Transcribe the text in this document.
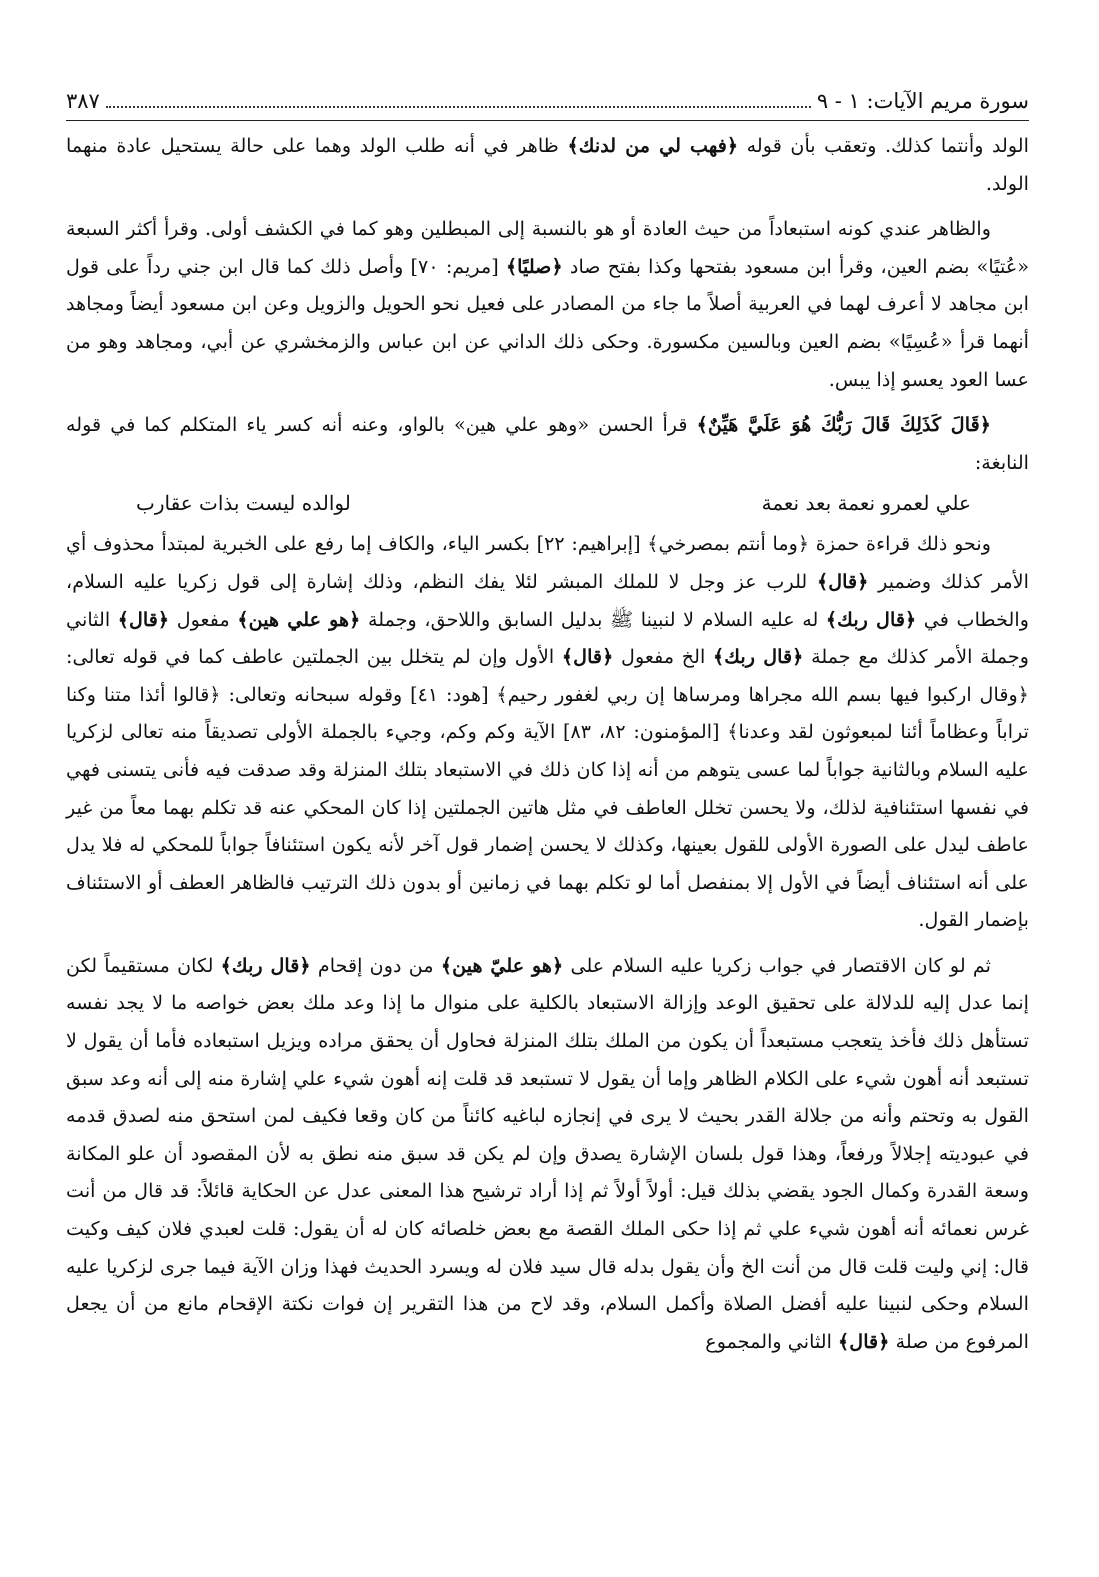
سورة مريم الآيات: ١ - ٩
٣٨٧

الولد وأنتما كذلك. وتعقب بأن قوله ﴿فهب لي من لدنك﴾ ظاهر في أنه طلب الولد وهما على حالة يستحيل عادة منهما الولد.

والظاهر عندي كونه استبعاداً من حيث العادة أو هو بالنسبة إلى المبطلين وهو كما في الكشف أولى. وقرأ أكثر السبعة «عُتيًا» بضم العين، وقرأ ابن مسعود بفتحها وكذا بفتح صاد ﴿صليًا﴾ [مريم: ٧٠] وأصل ذلك كما قال ابن جني رداً على قول ابن مجاهد لا أعرف لهما في العربية أصلاً ما جاء من المصادر على فعيل نحو الحويل والزويل وعن ابن مسعود أيضاً ومجاهد أنهما قرأ «عُسِيًا» بضم العين وبالسين مكسورة. وحكى ذلك الداني عن ابن عباس والزمخشري عن أبي، ومجاهد وهو من عسا العود يعسو إذا يبس.

﴿قَالَ كَذَلِكَ قَالَ رَبُّكَ هُوَ عَلَيَّ هَيِّنٌ﴾ قرأ الحسن «وهو علي هين» بالواو، وعنه أنه كسر ياء المتكلم كما في قوله النابغة:

علي لعمرو نعمة بعد نعمة
لوالده ليست بذات عقارب

ونحو ذلك قراءة حمزة ﴿وما أنتم بمصرخي﴾ [إبراهيم: ٢٢] بكسر الياء، والكاف إما رفع على الخبرية لمبتدأ محذوف أي الأمر كذلك وضمير ﴿قال﴾ للرب عز وجل لا للملك المبشر لئلا يفك النظم، وذلك إشارة إلى قول زكريا عليه السلام، والخطاب في ﴿قال ربك﴾ له عليه السلام لا لنبينا ﷺ بدليل السابق واللاحق، وجملة ﴿هو علي هين﴾ مفعول ﴿قال﴾ الثاني وجملة الأمر كذلك مع جملة ﴿قال ربك﴾ الخ مفعول ﴿قال﴾ الأول وإن لم يتخلل بين الجملتين عاطف كما في قوله تعالى: ﴿وقال اركبوا فيها بسم الله مجراها ومرساها إن ربي لغفور رحيم﴾ [هود: ٤١] وقوله سبحانه وتعالى: ﴿قالوا أئذا متنا وكنا تراباً وعظاماً أئنا لمبعوثون لقد وعدنا﴾ [المؤمنون: ٨٢، ٨٣] الآية وكم وكم، وجيء بالجملة الأولى تصديقاً منه تعالى لزكريا عليه السلام وبالثانية جواباً لما عسى يتوهم من أنه إذا كان ذلك في الاستبعاد بتلك المنزلة وقد صدقت فيه فأنى يتسنى فهي في نفسها استئنافية لذلك، ولا يحسن تخلل العاطف في مثل هاتين الجملتين إذا كان المحكي عنه قد تكلم بهما معاً من غير عاطف ليدل على الصورة الأولى للقول بعينها، وكذلك لا يحسن إضمار قول آخر لأنه يكون استئنافاً جواباً للمحكي له فلا يدل على أنه استئناف أيضاً في الأول إلا بمنفصل أما لو تكلم بهما في زمانين أو بدون ذلك الترتيب فالظاهر العطف أو الاستئناف بإضمار القول.

ثم لو كان الاقتصار في جواب زكريا عليه السلام على ﴿هو عليّ هين﴾ من دون إقحام ﴿قال ربك﴾ لكان مستقيماً لكن إنما عدل إليه للدلالة على تحقيق الوعد وإزالة الاستبعاد بالكلية على منوال ما إذا وعد ملك بعض خواصه ما لا يجد نفسه تستأهل ذلك فأخذ يتعجب مستبعداً أن يكون من الملك بتلك المنزلة فحاول أن يحقق مراده ويزيل استبعاده فأما أن يقول لا تستبعد أنه أهون شيء على الكلام الظاهر وإما أن يقول لا تستبعد قد قلت إنه أهون شيء علي إشارة منه إلى أنه وعد سبق القول به وتحتم وأنه من جلالة القدر بحيث لا يرى في إنجازه لباغيه كائناً من كان وقعا فكيف لمن استحق منه لصدق قدمه في عبوديته إجلالاً ورفعاً، وهذا قول بلسان الإشارة يصدق وإن لم يكن قد سبق منه نطق به لأن المقصود أن علو المكانة وسعة القدرة وكمال الجود يقضي بذلك قيل: أولاً أولاً ثم إذا أراد ترشيح هذا المعنى عدل عن الحكاية قائلاً: قد قال من أنت غرس نعمائه أنه أهون شيء علي ثم إذا حكى الملك القصة مع بعض خلصائه كان له أن يقول: قلت لعبدي فلان كيف وكيت قال: إني وليت قلت قال من أنت الخ وأن يقول بدله قال سيد فلان له ويسرد الحديث فهذا وزان الآية فيما جرى لزكريا عليه السلام وحكى لنبينا عليه أفضل الصلاة وأكمل السلام، وقد لاح من هذا التقرير إن فوات نكتة الإقحام مانع من أن يجعل المرفوع من صلة ﴿قال﴾ الثاني والمجموع
